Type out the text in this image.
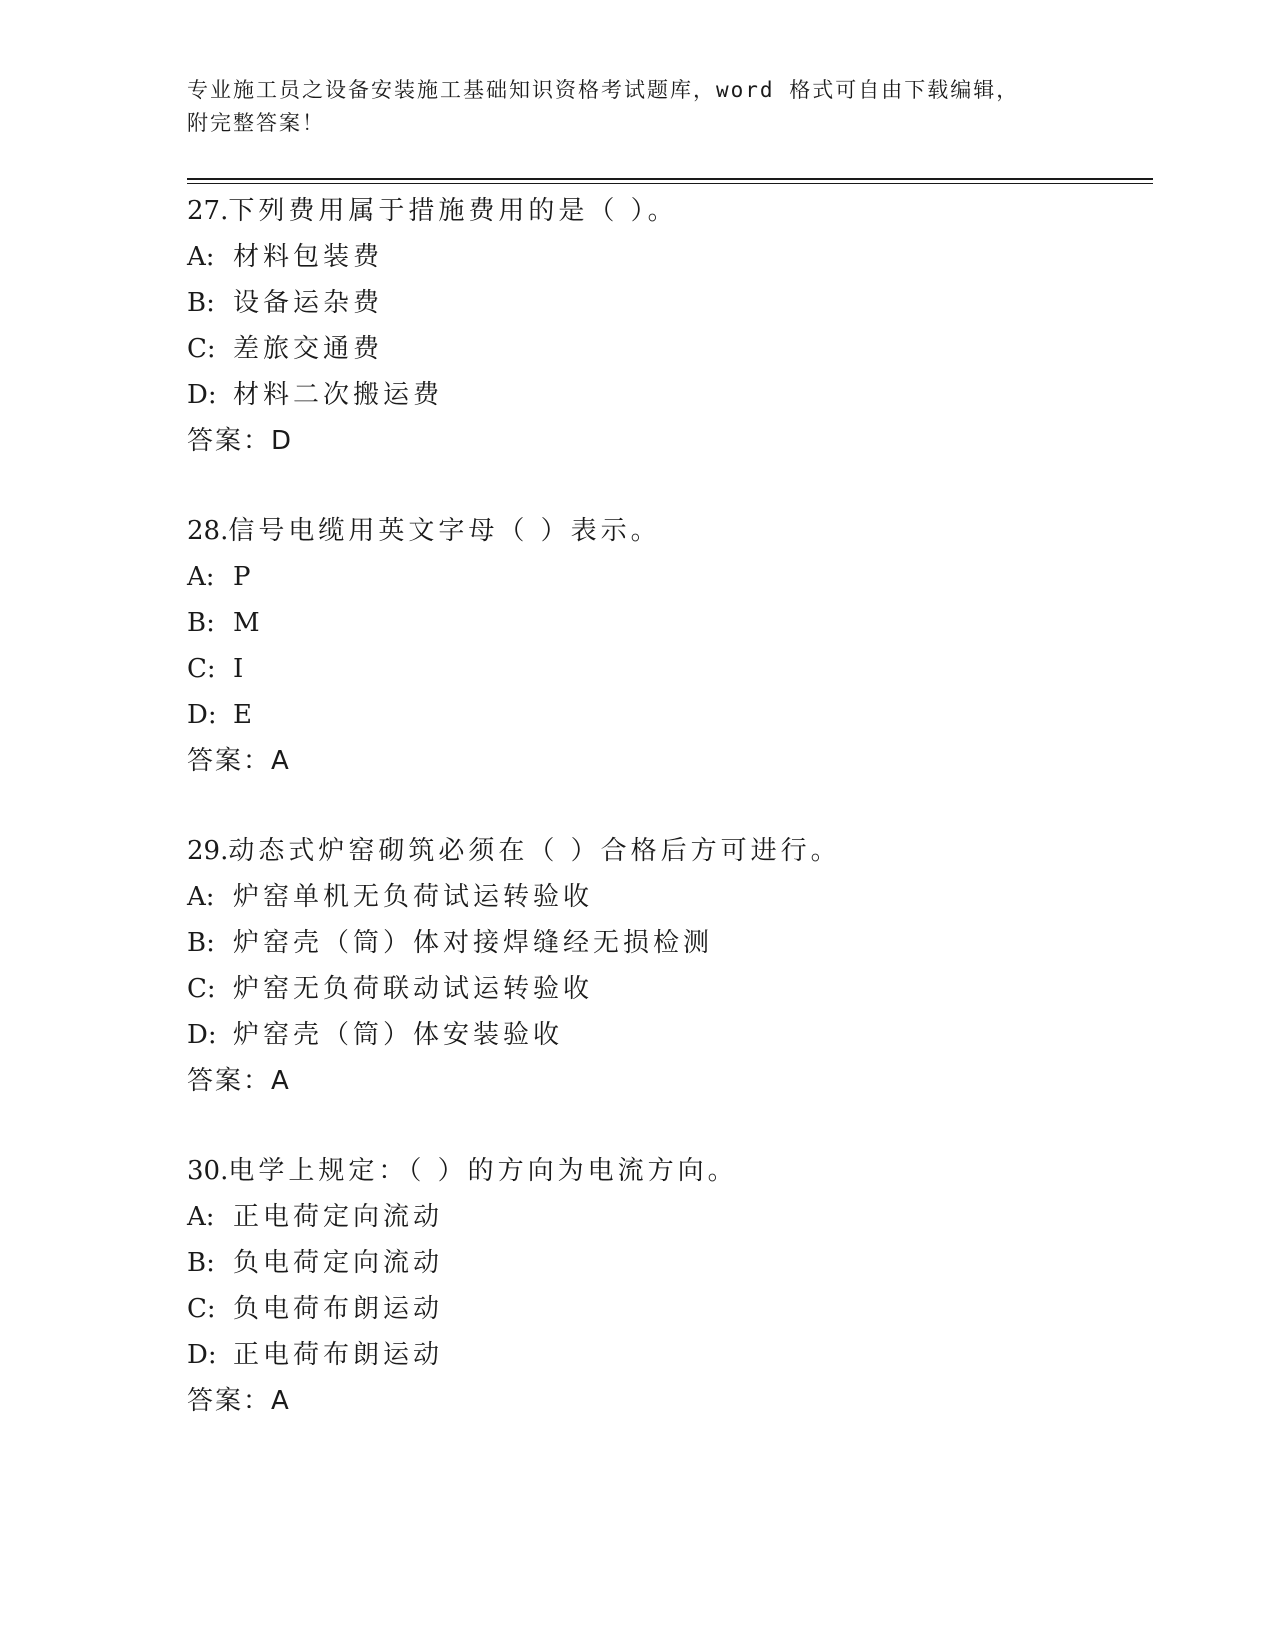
专业施工员之设备安装施工基础知识资格考试题库，word 格式可自由下载编辑，
附完整答案！
27.下列费用属于措施费用的是（ ）。
A: 材料包装费
B: 设备运杂费
C: 差旅交通费
D: 材料二次搬运费
答案：D
28.信号电缆用英文字母（ ）表示。
A: P
B: M
C: I
D: E
答案：A
29.动态式炉窑砌筑必须在（ ）合格后方可进行。
A: 炉窑单机无负荷试运转验收
B: 炉窑壳（筒）体对接焊缝经无损检测
C: 炉窑无负荷联动试运转验收
D: 炉窑壳（筒）体安装验收
答案：A
30.电学上规定：（ ）的方向为电流方向。
A: 正电荷定向流动
B: 负电荷定向流动
C: 负电荷布朗运动
D: 正电荷布朗运动
答案：A
